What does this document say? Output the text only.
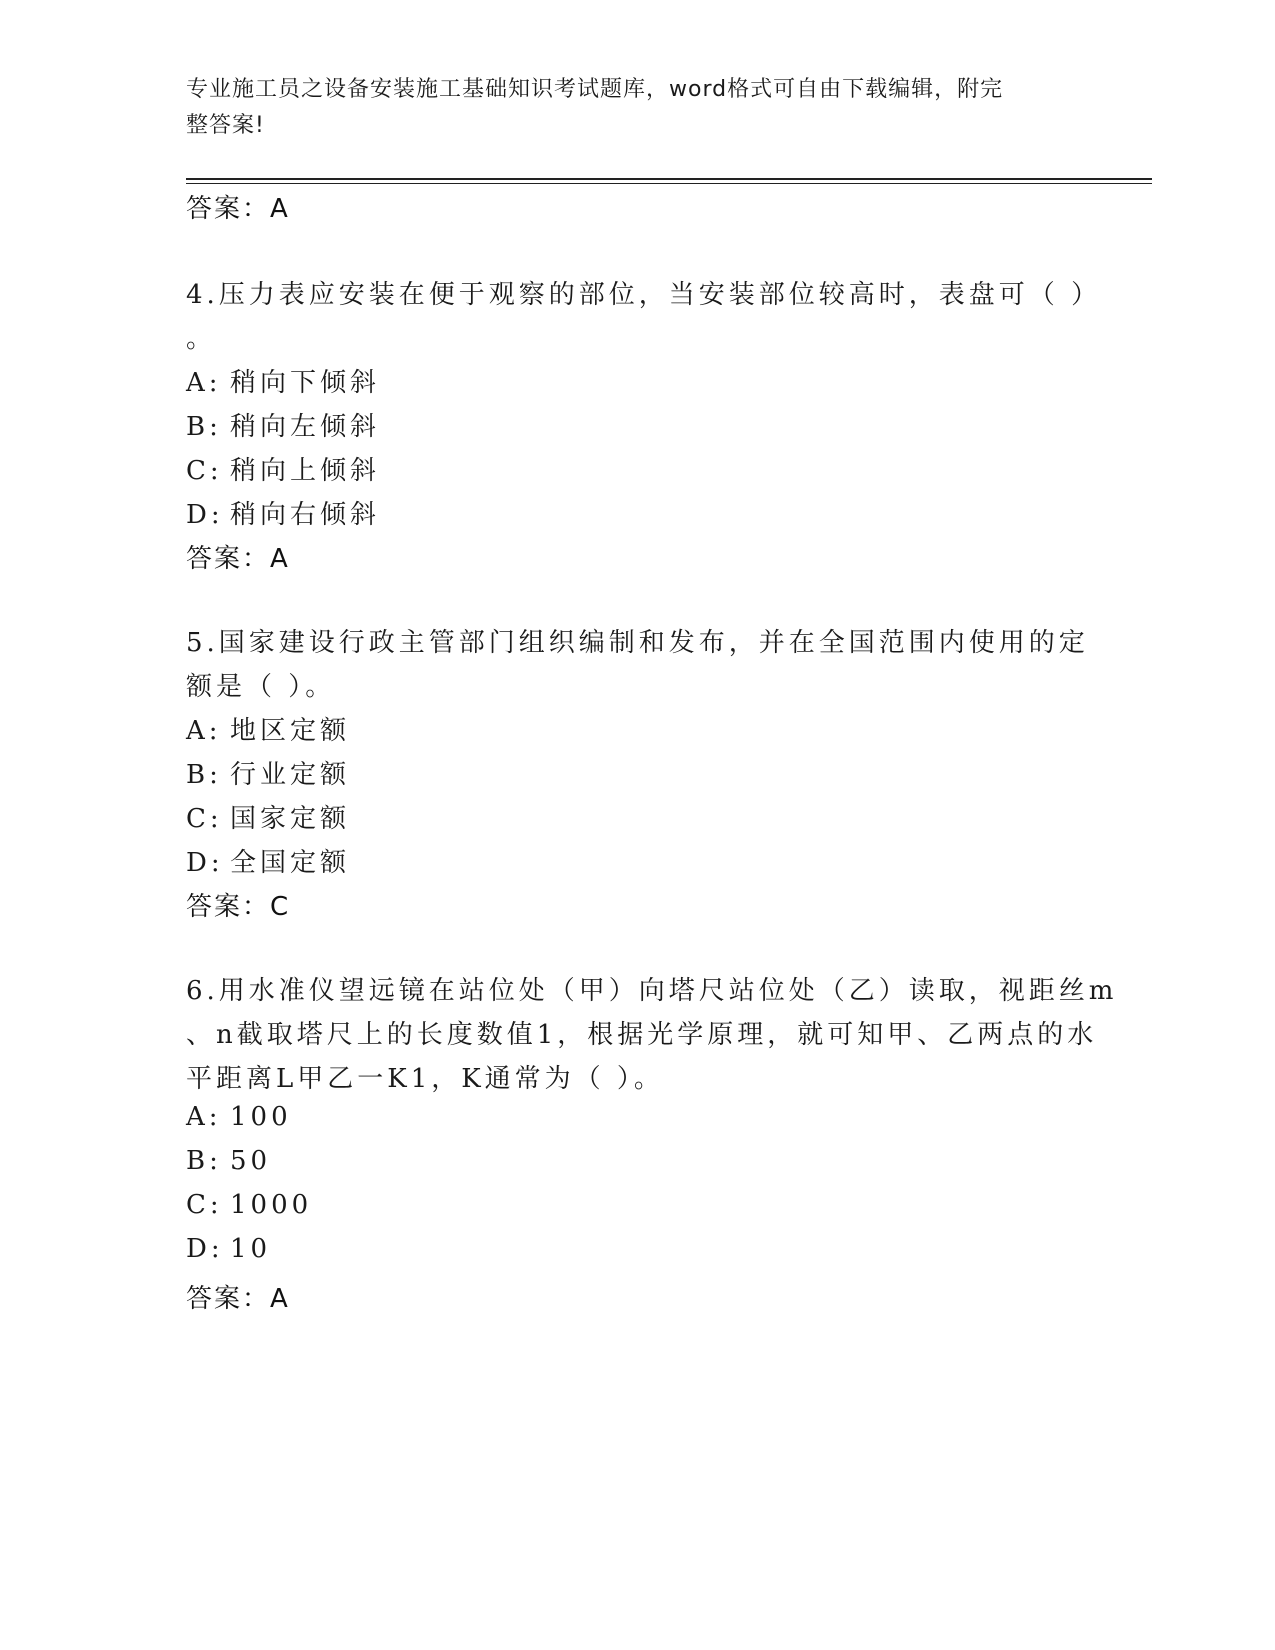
专业施工员之设备安装施工基础知识考试题库，word格式可自由下载编辑，附完
整答案!
答案：A
4.压力表应安装在便于观察的部位，当安装部位较高时，表盘可（ ）
。
A: 稍向下倾斜
B: 稍向左倾斜
C: 稍向上倾斜
D: 稍向右倾斜
答案：A
5.国家建设行政主管部门组织编制和发布，并在全国范围内使用的定
额是（ ）。
A: 地区定额
B: 行业定额
C: 国家定额
D: 全国定额
答案：C
6.用水准仪望远镜在站位处（甲）向塔尺站位处（乙）读取，视距丝m
、n截取塔尺上的长度数值1，根据光学原理，就可知甲、乙两点的水
平距离L甲乙一K1，K通常为（ ）。
A: 100
B: 50
C: 1000
D: 10
答案：A
